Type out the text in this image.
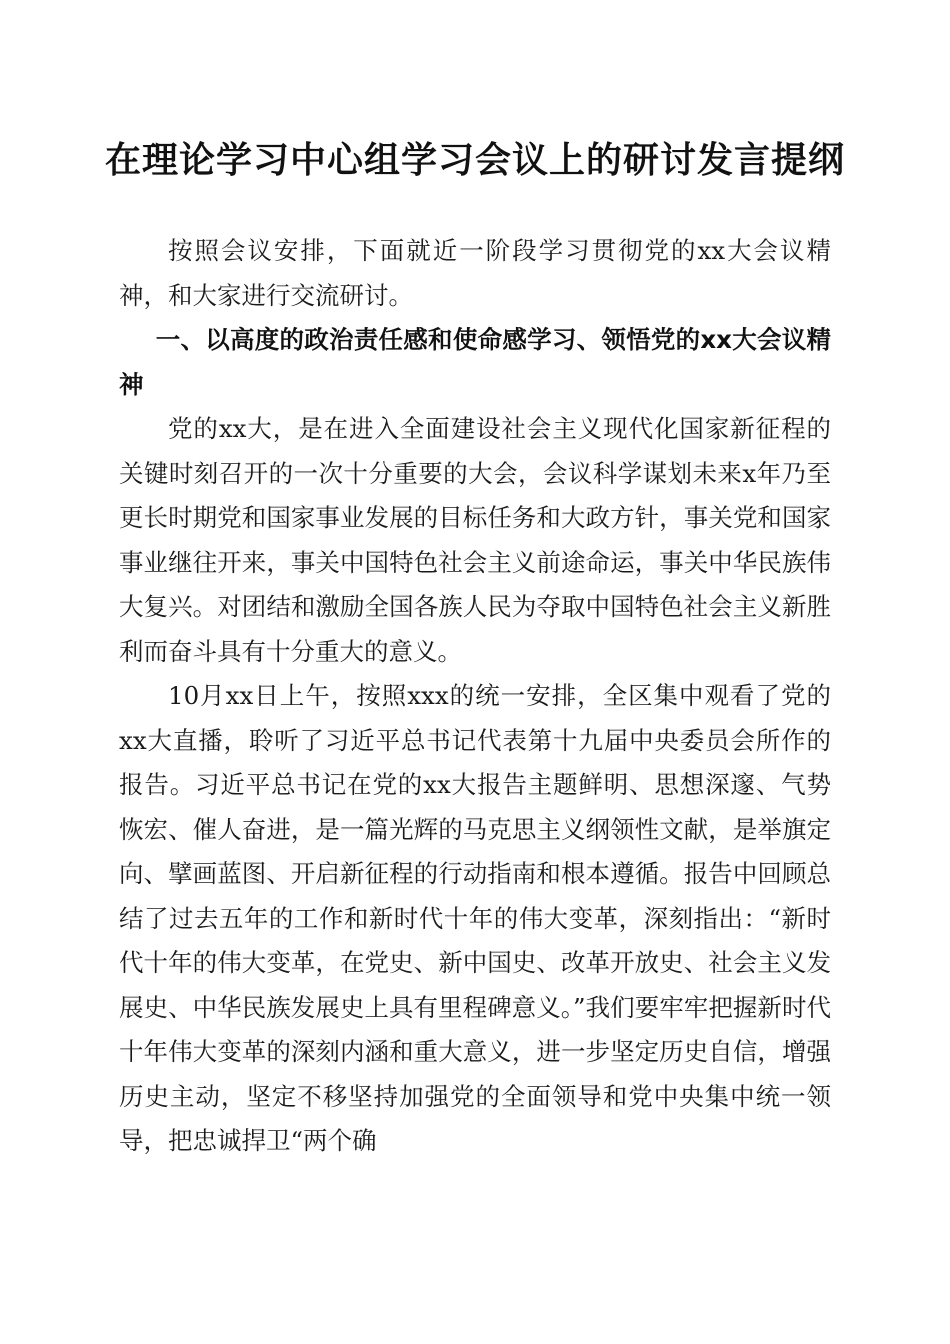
在理论学习中心组学习会议上的研讨发言提纲

按照会议安排，下面就近一阶段学习贯彻党的xx大会议精神，和大家进行交流研讨。

一、以高度的政治责任感和使命感学习、领悟党的xx大会议精神

党的xx大，是在进入全面建设社会主义现代化国家新征程的关键时刻召开的一次十分重要的大会，会议科学谋划未来x年乃至更长时期党和国家事业发展的目标任务和大政方针，事关党和国家事业继往开来，事关中国特色社会主义前途命运，事关中华民族伟大复兴。对团结和激励全国各族人民为夺取中国特色社会主义新胜利而奋斗具有十分重大的意义。

10月xx日上午，按照xxx的统一安排，全区集中观看了党的xx大直播，聆听了习近平总书记代表第十九届中央委员会所作的报告。习近平总书记在党的xx大报告主题鲜明、思想深邃、气势恢宏、催人奋进，是一篇光辉的马克思主义纲领性文献，是举旗定向、擘画蓝图、开启新征程的行动指南和根本遵循。报告中回顾总结了过去五年的工作和新时代十年的伟大变革，深刻指出：“新时代十年的伟大变革，在党史、新中国史、改革开放史、社会主义发展史、中华民族发展史上具有里程碑意义。”我们要牢牢把握新时代十年伟大变革的深刻内涵和重大意义，进一步坚定历史自信，增强历史主动，坚定不移坚持加强党的全面领导和党中央集中统一领导，把忠诚捍卫“两个确
